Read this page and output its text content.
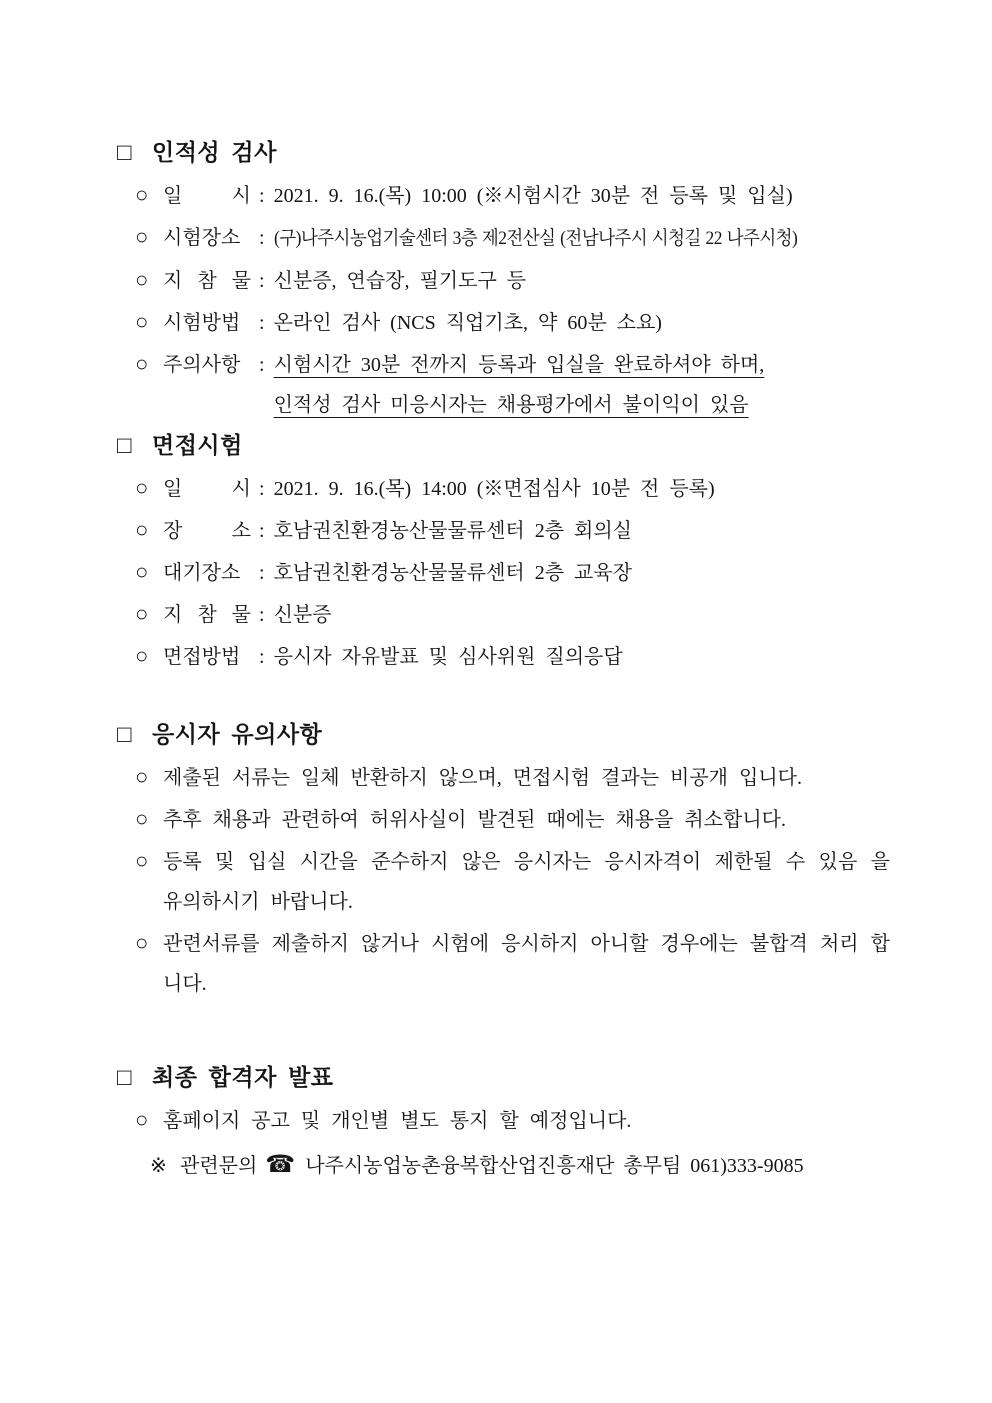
□ 인적성 검사
○ 일 시 : 2021. 9. 16.(목) 10:00 (※시험시간 30분 전 등록 및 입실)
○ 시험장소 : (구)나주시농업기술센터 3층 제2전산실 (전남나주시 시청길 22 나주시청)
○ 지 참 물 : 신분증, 연습장, 필기도구 등
○ 시험방법 : 온라인 검사 (NCS 직업기초, 약 60분 소요)
○ 주의사항 : 시험시간 30분 전까지 등록과 입실을 완료하셔야 하며,
인적성 검사 미응시자는 채용평가에서 불이익이 있음
□ 면접시험
○ 일 시 : 2021. 9. 16.(목) 14:00 (※면접심사 10분 전 등록)
○ 장 소 : 호남권친환경농산물물류센터 2층 회의실
○ 대기장소 : 호남권친환경농산물물류센터 2층 교육장
○ 지 참 물 : 신분증
○ 면접방법 : 응시자 자유발표 및 심사위원 질의응답
□ 응시자 유의사항
○ 제출된 서류는 일체 반환하지 않으며, 면접시험 결과는 비공개 입니다.
○ 추후 채용과 관련하여 허위사실이 발견된 때에는 채용을 취소합니다.
○ 등록 및 입실 시간을 준수하지 않은 응시자는 응시자격이 제한될 수 있음 을 유의하시기 바랍니다.
○ 관련서류를 제출하지 않거나 시험에 응시하지 아니할 경우에는 불합격 처리 합니다.
□ 최종 합격자 발표
○ 홈페이지 공고 및 개인별 별도 통지 할 예정입니다.
※ 관련문의 ☎ 나주시농업농촌융복합산업진흥재단 총무팀 061)333-9085
